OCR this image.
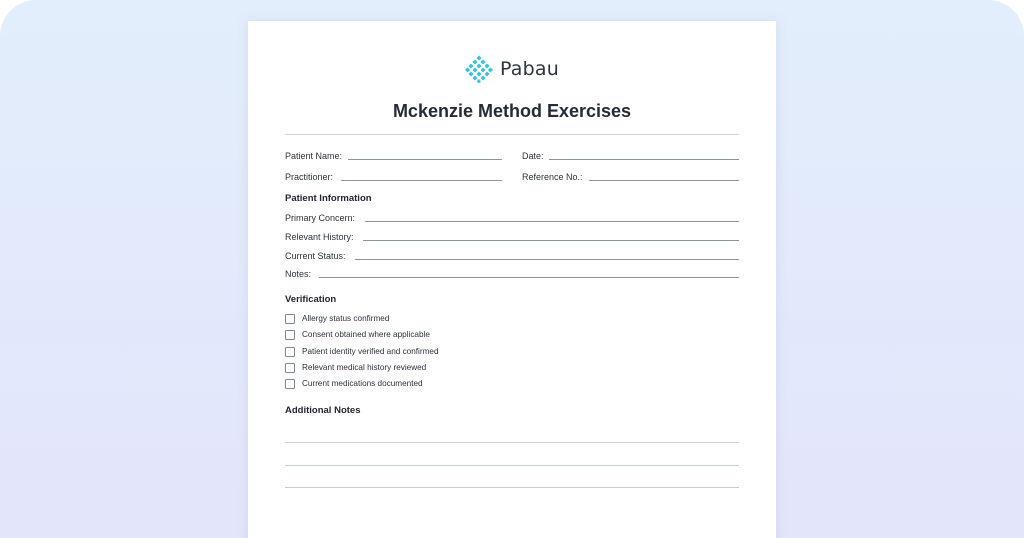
Pabau
Mckenzie Method Exercises
Patient Name:	Date:
Practitioner:	Reference No.:
Patient Information
Primary Concern:
Relevant History:
Current Status:
Notes:
Verification
Allergy status confirmed
Consent obtained where applicable
Patient identity verified and confirmed
Relevant medical history reviewed
Current medications documented
Additional Notes
